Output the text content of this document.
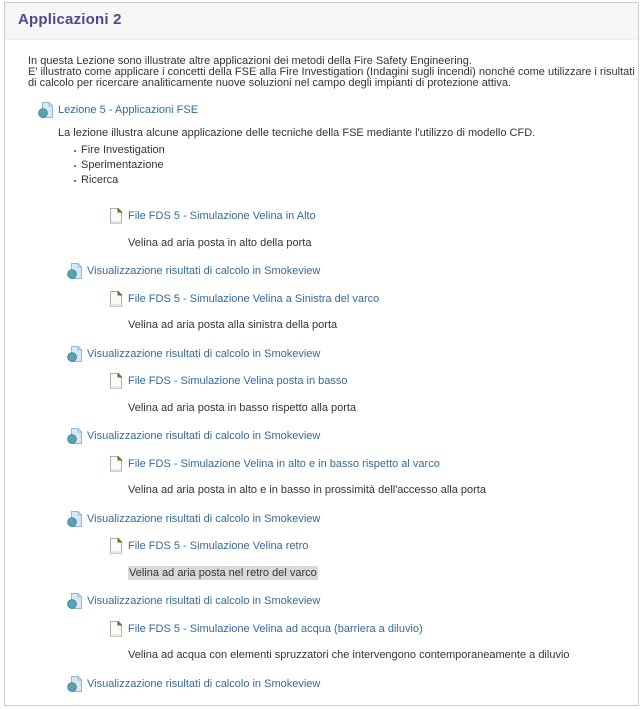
Applicazioni 2
In questa Lezione sono illustrate altre applicazioni dei metodi della Fire Safety Engineering.
E' illustrato come applicare i concetti della FSE alla Fire Investigation (Indagini sugli incendi) nonché come utilizzare i risultati
di calcolo per ricercare analiticamente nuove soluzioni nel campo degli impianti di protezione attiva.
Lezione 5 - Applicazioni FSE
La lezione illustra alcune applicazione delle tecniche della FSE mediante l'utilizzo di modello CFD.
Fire Investigation
Sperimentazione
Ricerca
File FDS 5 - Simulazione Velina in Alto
Velina ad aria posta in alto della porta
Visualizzazione risultati di calcolo in Smokeview
File FDS 5 - Simulazione Velina a Sinistra del varco
Velina ad aria posta alla sinistra della porta
Visualizzazione risultati di calcolo in Smokeview
File FDS - Simulazione Velina posta in basso
Velina ad aria posta in basso rispetto alla porta
Visualizzazione risultati di calcolo in Smokeview
File FDS - Simulazione Velina in alto e in basso rispetto al varco
Velina ad aria posta in alto e in basso in prossimità dell'accesso alla porta
Visualizzazione risultati di calcolo in Smokeview
File FDS 5 - Simulazione Velina retro
Velina ad aria posta nel retro del varco
Visualizzazione risultati di calcolo in Smokeview
File FDS 5 - Simulazione Velina ad acqua (barriera a diluvio)
Velina ad acqua con elementi spruzzatori che intervengono contemporaneamente a diluvio
Visualizzazione risultati di calcolo in Smokeview
